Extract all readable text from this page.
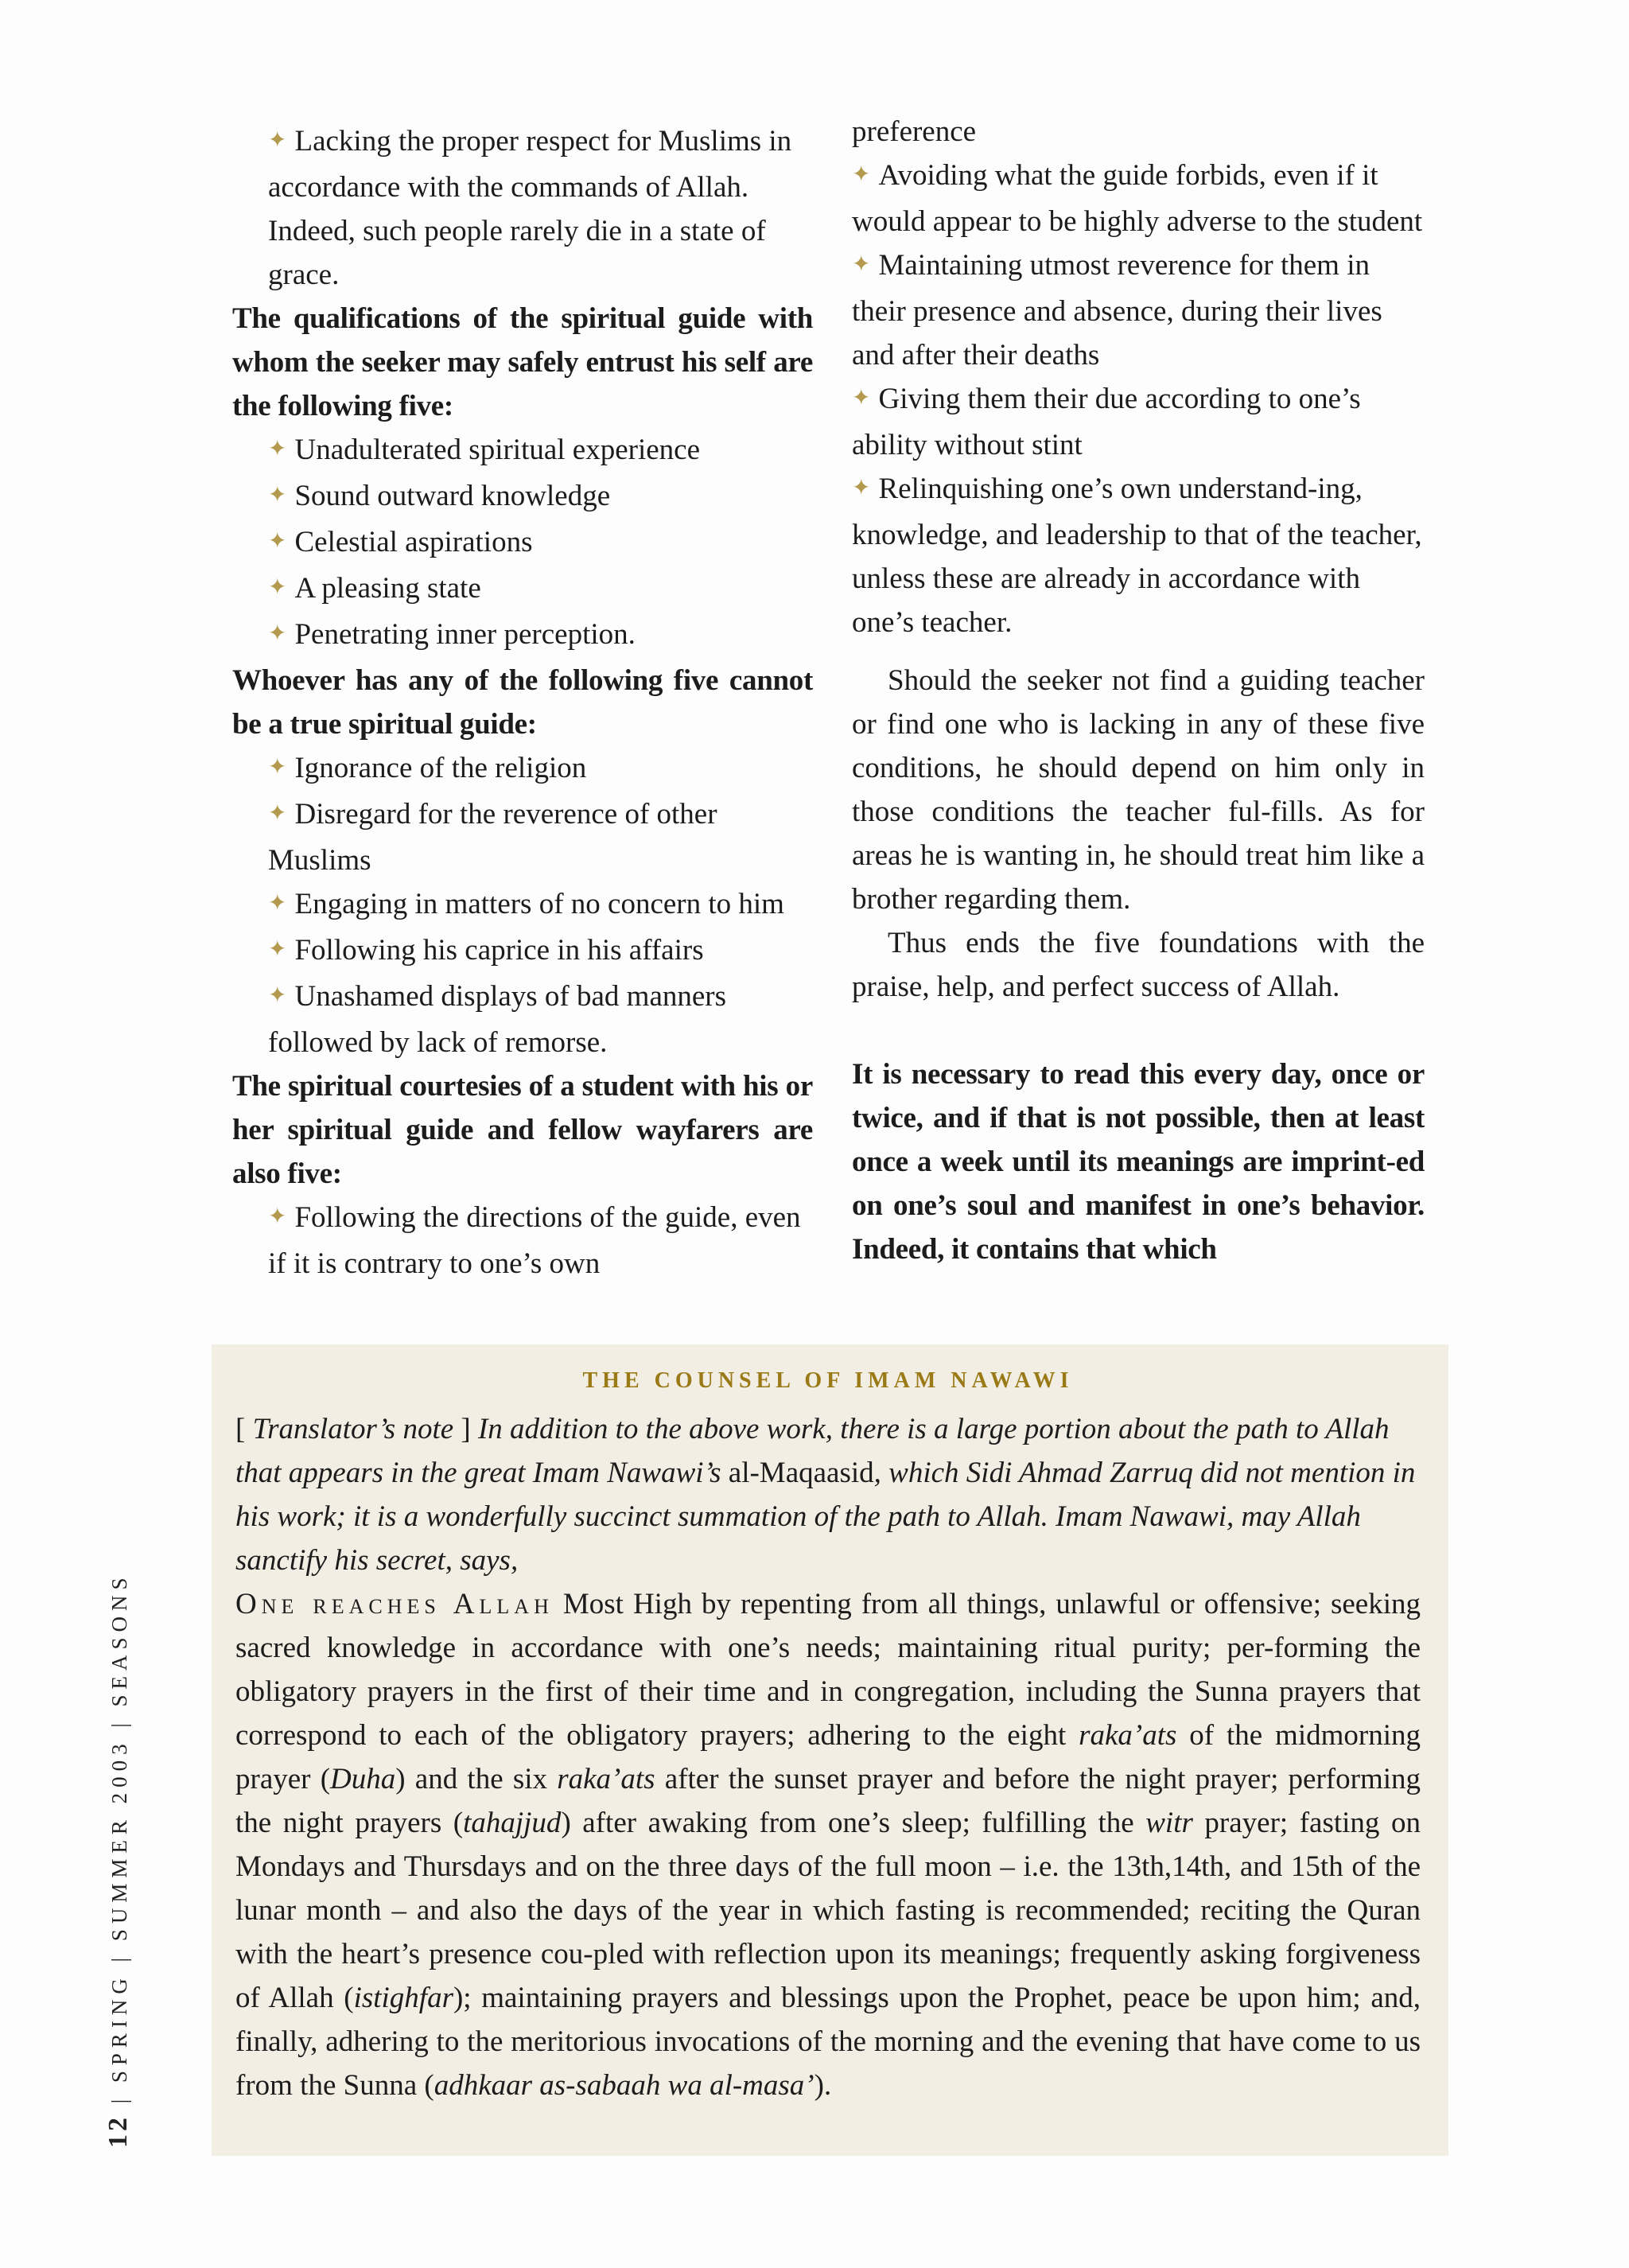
✦ Lacking the proper respect for Muslims in accordance with the commands of Allah. Indeed, such people rarely die in a state of grace.

The qualifications of the spiritual guide with whom the seeker may safely entrust his self are the following five:

✦ Unadulterated spiritual experience

✦ Sound outward knowledge

✦ Celestial aspirations

✦ A pleasing state

✦ Penetrating inner perception.

Whoever has any of the following five cannot be a true spiritual guide:

✦ Ignorance of the religion

✦ Disregard for the reverence of other Muslims

✦ Engaging in matters of no concern to him

✦ Following his caprice in his affairs

✦ Unashamed displays of bad manners followed by lack of remorse.

The spiritual courtesies of a student with his or her spiritual guide and fellow wayfarers are also five:

✦ Following the directions of the guide, even if it is contrary to one’s own

preference

✦ Avoiding what the guide forbids, even if it would appear to be highly adverse to the student

✦ Maintaining utmost reverence for them in their presence and absence, during their lives and after their deaths

✦ Giving them their due according to one’s ability without stint

✦ Relinquishing one’s own understand-ing, knowledge, and leadership to that of the teacher, unless these are already in accordance with one’s teacher.

Should the seeker not find a guiding teacher or find one who is lacking in any of these five conditions, he should depend on him only in those conditions the teacher ful-fills. As for areas he is wanting in, he should treat him like a brother regarding them.

Thus ends the five foundations with the praise, help, and perfect success of Allah.

It is necessary to read this every day, once or twice, and if that is not possible, then at least once a week until its meanings are imprint-ed on one’s soul and manifest in one’s behavior. Indeed, it contains that which

THE COUNSEL OF IMAM NAWAWI

[ Translator’s note ] In addition to the above work, there is a large portion about the path to Allah that appears in the great Imam Nawawi’s al-Maqaasid, which Sidi Ahmad Zarruq did not mention in his work; it is a wonderfully succinct summation of the path to Allah. Imam Nawawi, may Allah sanctify his secret, says,

One reaches Allah Most High by repenting from all things, unlawful or offensive; seeking sacred knowledge in accordance with one’s needs; maintaining ritual purity; per-forming the obligatory prayers in the first of their time and in congregation, including the Sunna prayers that correspond to each of the obligatory prayers; adhering to the eight raka’ats of the midmorning prayer (Duha) and the six raka’ats after the sunset prayer and before the night prayer; performing the night prayers (tahajjud) after awaking from one’s sleep; fulfilling the witr prayer; fasting on Mondays and Thursdays and on the three days of the full moon – i.e. the 13th,14th, and 15th of the lunar month – and also the days of the year in which fasting is recommended; reciting the Quran with the heart’s presence cou-pled with reflection upon its meanings; frequently asking forgiveness of Allah (istighfar); maintaining prayers and blessings upon the Prophet, peace be upon him; and, finally, adhering to the meritorious invocations of the morning and the evening that have come to us from the Sunna (adhkaar as-sabaah wa al-masa’).

12 | SPRING | SUMMER 2003 | SEASONS
